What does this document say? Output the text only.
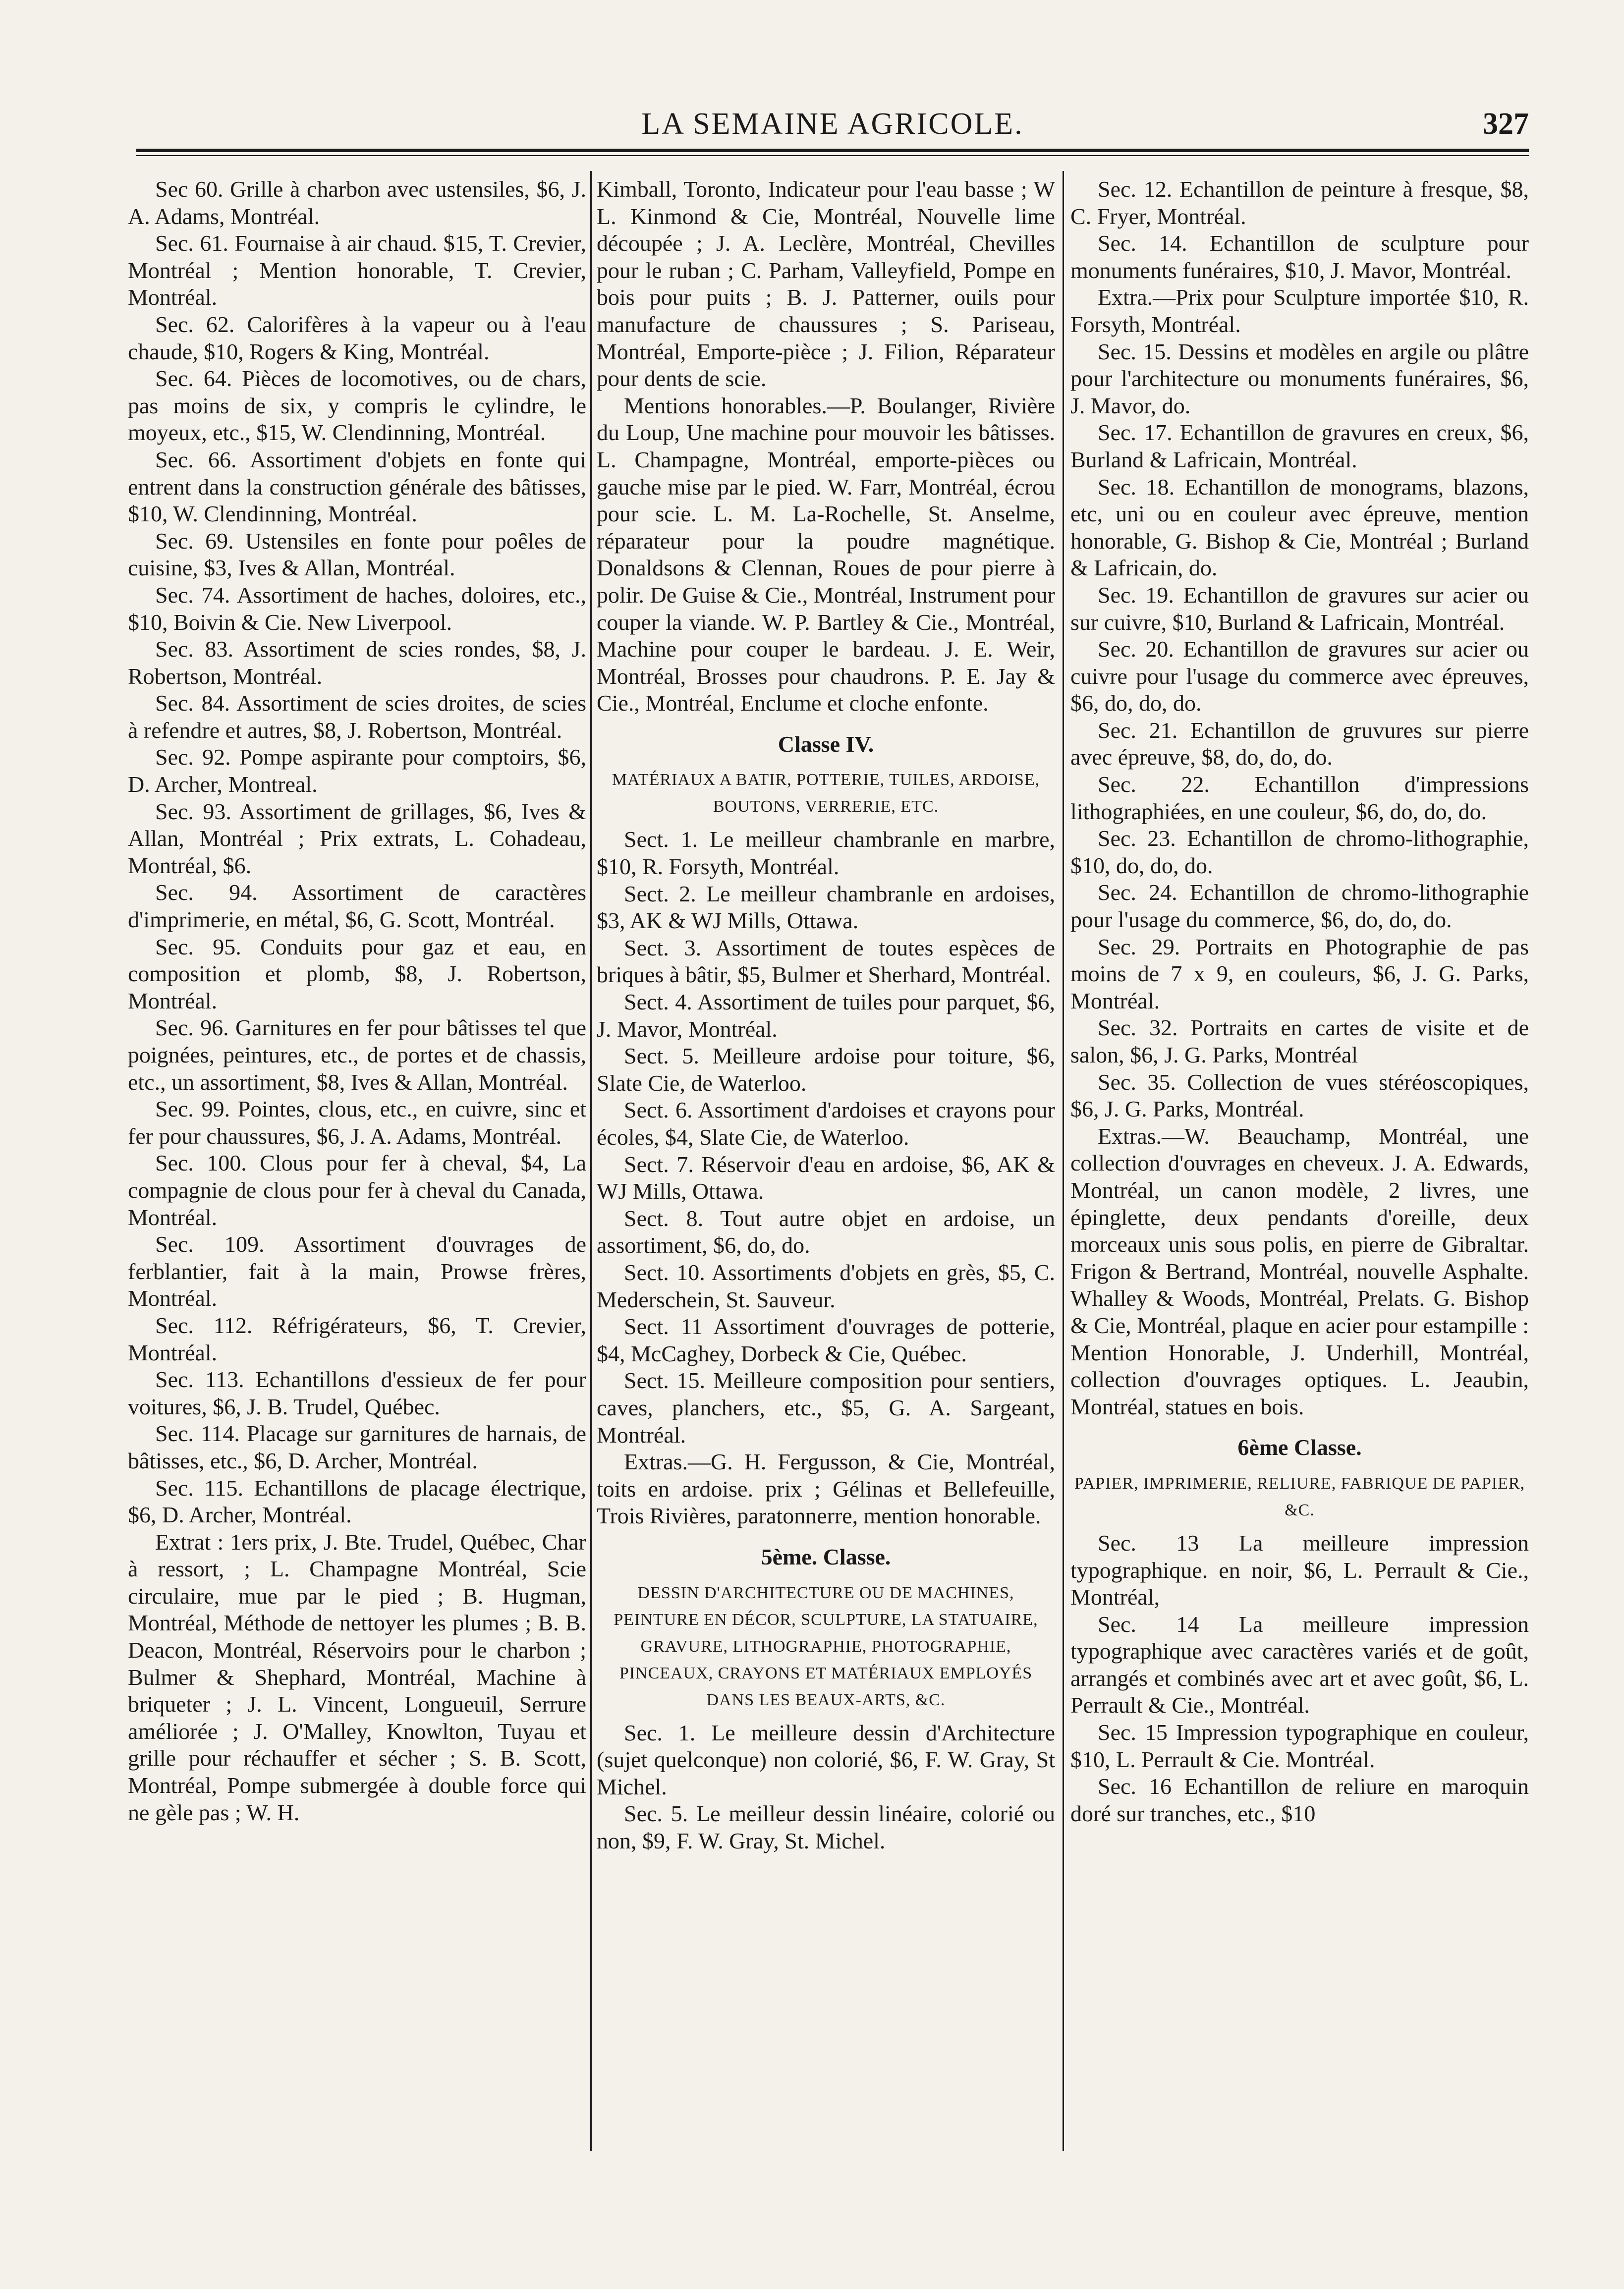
LA SEMAINE AGRICOLE.	327

Sec 60. Grille à charbon avec ustensiles, $6, J. A. Adams, Montréal.

Sec. 61. Fournaise à air chaud. $15, T. Crevier, Montréal ; Mention honorable, T. Crevier, Montréal.

Sec. 62. Calorifères à la vapeur ou à l'eau chaude, $10, Rogers & King, Montréal.

Sec. 64. Pièces de locomotives, ou de chars, pas moins de six, y compris le cylindre, le moyeux, etc., $15, W. Clendinning, Montréal.

Sec. 66. Assortiment d'objets en fonte qui entrent dans la construction générale des bâtisses, $10, W. Clendinning, Montréal.

Sec. 69. Ustensiles en fonte pour poêles de cuisine, $3, Ives & Allan, Montréal.

Sec. 74. Assortiment de haches, doloires, etc., $10, Boivin & Cie. New Liverpool.

Sec. 83. Assortiment de scies rondes, $8, J. Robertson, Montréal.

Sec. 84. Assortiment de scies droites, de scies à refendre et autres, $8, J. Robertson, Montréal.

Sec. 92. Pompe aspirante pour comptoirs, $6, D. Archer, Montreal.

Sec. 93. Assortiment de grillages, $6, Ives & Allan, Montréal ; Prix extrats, L. Cohadeau, Montréal, $6.

Sec. 94. Assortiment de caractères d'imprimerie, en métal, $6, G. Scott, Montréal.

Sec. 95. Conduits pour gaz et eau, en composition et plomb, $8, J. Robertson, Montréal.

Sec. 96. Garnitures en fer pour bâtisses tel que poignées, peintures, etc., de portes et de chassis, etc., un assortiment, $8, Ives & Allan, Montréal.

Sec. 99. Pointes, clous, etc., en cuivre, sinc et fer pour chaussures, $6, J. A. Adams, Montréal.

Sec. 100. Clous pour fer à cheval, $4, La compagnie de clous pour fer à cheval du Canada, Montréal.

Sec. 109. Assortiment d'ouvrages de ferblantier, fait à la main, Prowse frères, Montréal.

Sec. 112. Réfrigérateurs, $6, T. Crevier, Montréal.

Sec. 113. Echantillons d'essieux de fer pour voitures, $6, J. B. Trudel, Québec.

Sec. 114. Placage sur garnitures de harnais, de bâtisses, etc., $6, D. Archer, Montréal.

Sec. 115. Echantillons de placage électrique, $6, D. Archer, Montréal.

Extrat : 1ers prix, J. Bte. Trudel, Québec, Char à ressort, ; L. Champagne Montréal, Scie circulaire, mue par le pied ; B. Hugman, Montréal, Méthode de nettoyer les plumes ; B. B. Deacon, Montréal, Réservoirs pour le charbon ; Bulmer & Shephard, Montréal, Machine à briqueter ; J. L. Vincent, Longueuil, Serrure améliorée ; J. O'Malley, Knowlton, Tuyau et grille pour réchauffer et sécher ; S. B. Scott, Montréal, Pompe submergée à double force qui ne gèle pas ; W. H.

Kimball, Toronto, Indicateur pour l'eau basse ; W L. Kinmond & Cie, Montréal, Nouvelle lime découpée ; J. A. Leclère, Montréal, Chevilles pour le ruban ; C. Parham, Valleyfield, Pompe en bois pour puits ; B. J. Patterner, ouils pour manufacture de chaussures ; S. Pariseau, Montréal, Emporte-pièce ; J. Filion, Réparateur pour dents de scie.

Mentions honorables.—P. Boulanger, Rivière du Loup, Une machine pour mouvoir les bâtisses. L. Champagne, Montréal, emporte-pièces ou gauche mise par le pied. W. Farr, Montréal, écrou pour scie. L. M. La-Rochelle, St. Anselme, réparateur pour la poudre magnétique. Donaldsons & Clennan, Roues de pour pierre à polir. De Guise & Cie., Montréal, Instrument pour couper la viande. W. P. Bartley & Cie., Montréal, Machine pour couper le bardeau. J. E. Weir, Montréal, Brosses pour chaudrons. P. E. Jay & Cie., Montréal, Enclume et cloche enfonte.

Classe IV.

MATÉRIAUX A BATIR, POTTERIE, TUILES, ARDOISE, BOUTONS, VERRERIE, ETC.

Sect. 1. Le meilleur chambranle en marbre, $10, R. Forsyth, Montréal.

Sect. 2. Le meilleur chambranle en ardoises, $3, AK & WJ Mills, Ottawa.

Sect. 3. Assortiment de toutes espèces de briques à bâtir, $5, Bulmer et Sherhard, Montréal.

Sect. 4. Assortiment de tuiles pour parquet, $6, J. Mavor, Montréal.

Sect. 5. Meilleure ardoise pour toiture, $6, Slate Cie, de Waterloo.

Sect. 6. Assortiment d'ardoises et crayons pour écoles, $4, Slate Cie, de Waterloo.

Sect. 7. Réservoir d'eau en ardoise, $6, AK & WJ Mills, Ottawa.

Sect. 8. Tout autre objet en ardoise, un assortiment, $6, do, do.

Sect. 10. Assortiments d'objets en grès, $5, C. Mederschein, St. Sauveur.

Sect. 11 Assortiment d'ouvrages de potterie, $4, McCaghey, Dorbeck & Cie, Québec.

Sect. 15. Meilleure composition pour sentiers, caves, planchers, etc., $5, G. A. Sargeant, Montréal.

Extras.—G. H. Fergusson, & Cie, Montréal, toits en ardoise. prix ; Gélinas et Bellefeuille, Trois Rivières, paratonnerre, mention honorable.

5ème. Classe.

DESSIN D'ARCHITECTURE OU DE MACHINES, PEINTURE EN DÉCOR, SCULPTURE, LA STATUAIRE, GRAVURE, LITHOGRAPHIE, PHOTOGRAPHIE, PINCEAUX, CRAYONS ET MATÉRIAUX EMPLOYÉS DANS LES BEAUX-ARTS, &C.

Sec. 1. Le meilleure dessin d'Architecture (sujet quelconque) non colorié, $6, F. W. Gray, St Michel.

Sec. 5. Le meilleur dessin linéaire, colorié ou non, $9, F. W. Gray, St. Michel.

Sec. 12. Echantillon de peinture à fresque, $8, C. Fryer, Montréal.

Sec. 14. Echantillon de sculpture pour monuments funéraires, $10, J. Mavor, Montréal.

Extra.—Prix pour Sculpture importée $10, R. Forsyth, Montréal.

Sec. 15. Dessins et modèles en argile ou plâtre pour l'architecture ou monuments funéraires, $6, J. Mavor, do.

Sec. 17. Echantillon de gravures en creux, $6, Burland & Lafricain, Montréal.

Sec. 18. Echantillon de monograms, blazons, etc, uni ou en couleur avec épreuve, mention honorable, G. Bishop & Cie, Montréal ; Burland & Lafricain, do.

Sec. 19. Echantillon de gravures sur acier ou sur cuivre, $10, Burland & Lafricain, Montréal.

Sec. 20. Echantillon de gravures sur acier ou cuivre pour l'usage du commerce avec épreuves, $6, do, do, do.

Sec. 21. Echantillon de gruvures sur pierre avec épreuve, $8, do, do, do.

Sec. 22. Echantillon d'impressions lithographiées, en une couleur, $6, do, do, do.

Sec. 23. Echantillon de chromo-lithographie, $10, do, do, do.

Sec. 24. Echantillon de chromo-lithographie pour l'usage du commerce, $6, do, do, do.

Sec. 29. Portraits en Photographie de pas moins de 7 x 9, en couleurs, $6, J. G. Parks, Montréal.

Sec. 32. Portraits en cartes de visite et de salon, $6, J. G. Parks, Montréal

Sec. 35. Collection de vues stéréoscopiques, $6, J. G. Parks, Montréal.

Extras.—W. Beauchamp, Montréal, une collection d'ouvrages en cheveux. J. A. Edwards, Montréal, un canon modèle, 2 livres, une épinglette, deux pendants d'oreille, deux morceaux unis sous polis, en pierre de Gibraltar. Frigon & Bertrand, Montréal, nouvelle Asphalte. Whalley & Woods, Montréal, Prelats. G. Bishop & Cie, Montréal, plaque en acier pour estampille : Mention Honorable, J. Underhill, Montréal, collection d'ouvrages optiques. L. Jeaubin, Montréal, statues en bois.

6ème Classe.

PAPIER, IMPRIMERIE, RELIURE, FABRIQUE DE PAPIER, &C.

Sec. 13 La meilleure impression typographique. en noir, $6, L. Perrault & Cie., Montréal,

Sec. 14 La meilleure impression typographique avec caractères variés et de goût, arrangés et combinés avec art et avec goût, $6, L. Perrault & Cie., Montréal.

Sec. 15 Impression typographique en couleur, $10, L. Perrault & Cie. Montréal.

Sec. 16 Echantillon de reliure en maroquin doré sur tranches, etc., $10
